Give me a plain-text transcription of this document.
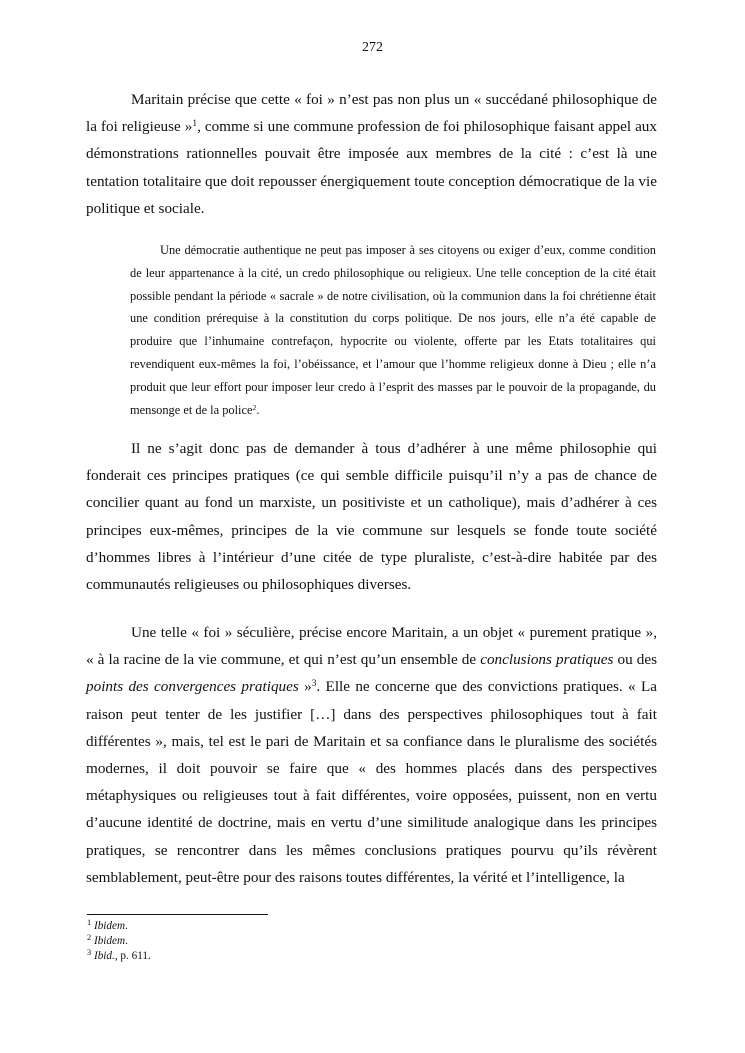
272

Maritain précise que cette « foi » n’est pas non plus un « succédané philosophique de la foi religieuse »$^1$, comme si une commune profession de foi philosophique faisant appel aux démonstrations rationnelles pouvait être imposée aux membres de la cité : c’est là une tentation totalitaire que doit repousser énergiquement toute conception démocratique de la vie politique et sociale.

Une démocratie authentique ne peut pas imposer à ses citoyens ou exiger d’eux, comme condition de leur appartenance à la cité, un credo philosophique ou religieux. Une telle conception de la cité était possible pendant la période « sacrale » de notre civilisation, où la communion dans la foi chrétienne était une condition prérequise à la constitution du corps politique. De nos jours, elle n’a été capable de produire que l’inhumaine contrefaçon, hypocrite ou violente, offerte par les Etats totalitaires qui revendiquent eux-mêmes la foi, l’obéissance, et l’amour que l’homme religieux donne à Dieu ; elle n’a produit que leur effort pour imposer leur credo à l’esprit des masses par le pouvoir de la propagande, du mensonge et de la police$^2$.

Il ne s’agit donc pas de demander à tous d’adhérer à une même philosophie qui fonderait ces principes pratiques (ce qui semble difficile puisqu’il n’y a pas de chance de concilier quant au fond un marxiste, un positiviste et un catholique), mais d’adhérer à ces principes eux-mêmes, principes de la vie commune sur lesquels se fonde toute société d’hommes libres à l’intérieur d’une citée de type pluraliste, c’est-à-dire habitée par des communautés religieuses ou philosophiques diverses.

Une telle « foi » séculière, précise encore Maritain, a un objet « purement pratique », « à la racine de la vie commune, et qui n’est qu’un ensemble de conclusions pratiques ou des points des convergences pratiques »$^3$. Elle ne concerne que des convictions pratiques. « La raison peut tenter de les justifier […] dans des perspectives philosophiques tout à fait différentes », mais, tel est le pari de Maritain et sa confiance dans le pluralisme des sociétés modernes, il doit pouvoir se faire que « des hommes placés dans des perspectives métaphysiques ou religieuses tout à fait différentes, voire opposées, puissent, non en vertu d’aucune identité de doctrine, mais en vertu d’une similitude analogique dans les principes pratiques, se rencontrer dans les mêmes conclusions pratiques pourvu qu’ils révèrent semblablement, peut-être pour des raisons toutes différentes, la vérité et l’intelligence, la

$^1$ Ibidem.
$^2$ Ibidem.
$^3$ Ibid., p. 611.
